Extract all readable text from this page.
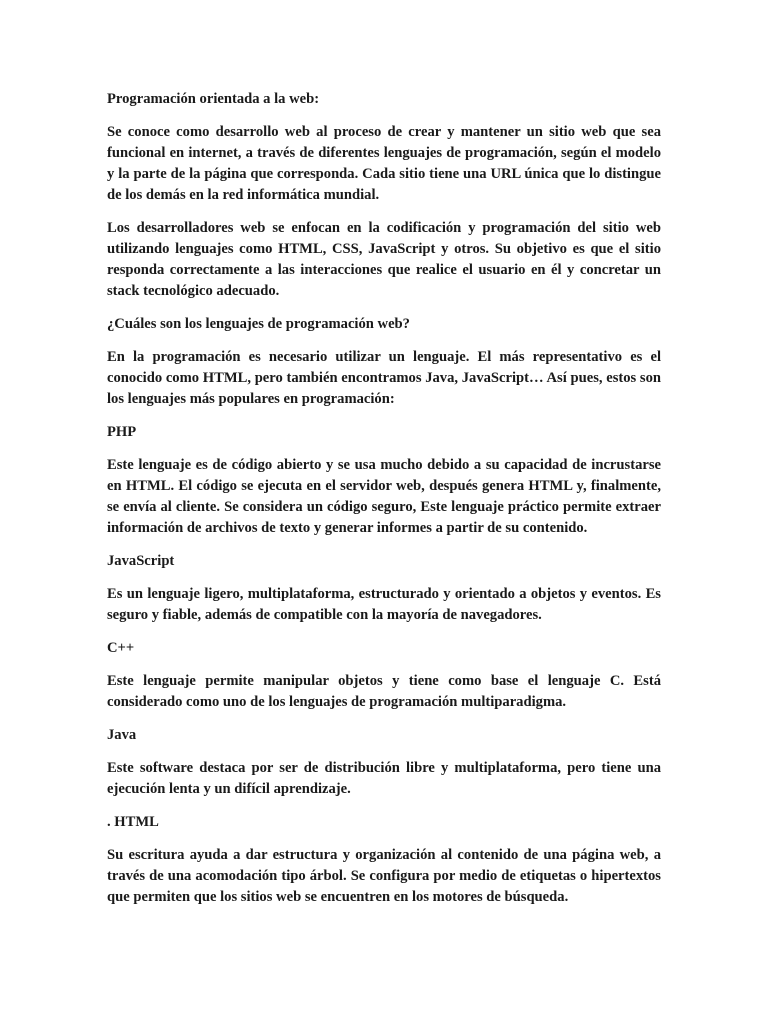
Programación orientada a la web:

Se conoce como desarrollo web al proceso de crear y mantener un sitio web que sea funcional en internet, a través de diferentes lenguajes de programación, según el modelo y la parte de la página que corresponda. Cada sitio tiene una URL única que lo distingue de los demás en la red informática mundial.

Los desarrolladores web se enfocan en la codificación y programación del sitio web utilizando lenguajes como HTML, CSS, JavaScript y otros. Su objetivo es que el sitio responda correctamente a las interacciones que realice el usuario en él y concretar un stack tecnológico adecuado.

¿Cuáles son los lenguajes de programación web?

En la programación es necesario utilizar un lenguaje. El más representativo es el conocido como HTML, pero también encontramos Java, JavaScript… Así pues, estos son los lenguajes más populares en programación:

PHP

Este lenguaje es de código abierto y se usa mucho debido a su capacidad de incrustarse en HTML. El código se ejecuta en el servidor web, después genera HTML y, finalmente, se envía al cliente. Se considera un código seguro, Este lenguaje práctico permite extraer información de archivos de texto y generar informes a partir de su contenido.

JavaScript

Es un lenguaje ligero, multiplataforma, estructurado y orientado a objetos y eventos. Es seguro y fiable, además de compatible con la mayoría de navegadores.

C++

Este lenguaje permite manipular objetos y tiene como base el lenguaje C. Está considerado como uno de los lenguajes de programación multiparadigma.

Java

Este software destaca por ser de distribución libre y multiplataforma, pero tiene una ejecución lenta y un difícil aprendizaje.

. HTML

Su escritura ayuda a dar estructura y organización al contenido de una página web, a través de una acomodación tipo árbol. Se configura por medio de etiquetas o hipertextos que permiten que los sitios web se encuentren en los motores de búsqueda.
